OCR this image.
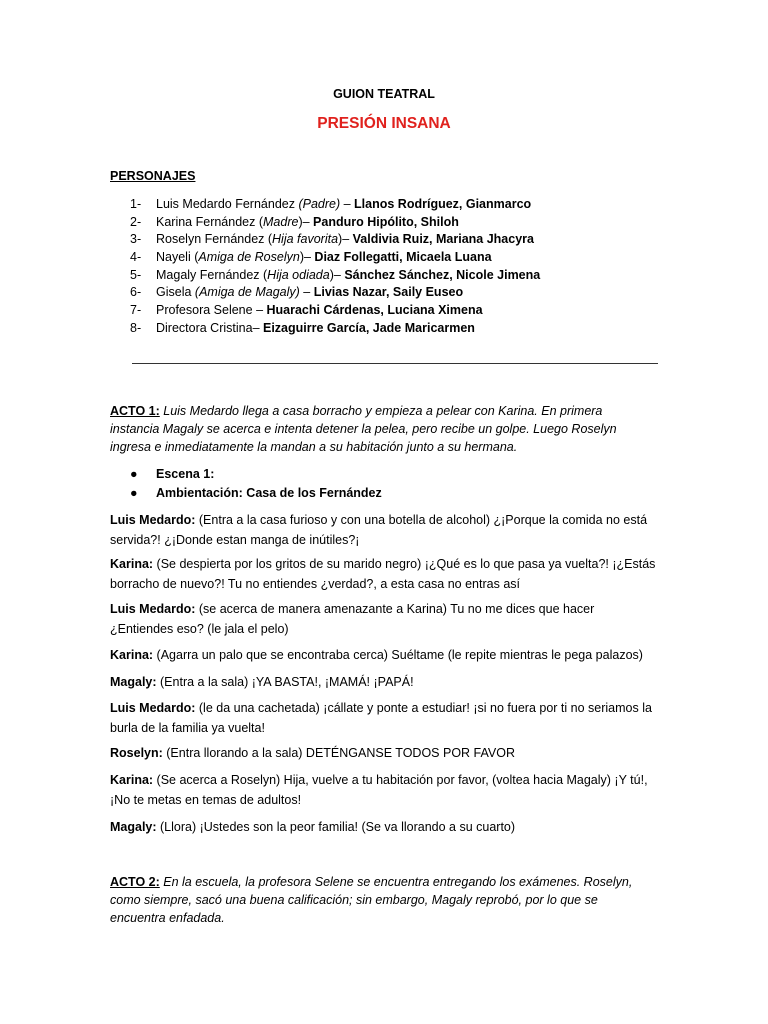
GUION TEATRAL
PRESIÓN INSANA
PERSONAJES
1- Luis Medardo Fernández (Padre) – Llanos Rodríguez, Gianmarco
2- Karina Fernández (Madre)– Panduro Hipólito, Shiloh
3- Roselyn Fernández (Hija favorita)– Valdivia Ruiz, Mariana Jhacyra
4- Nayeli (Amiga de Roselyn)– Diaz Follegatti, Micaela Luana
5- Magaly Fernández (Hija odiada)– Sánchez Sánchez, Nicole Jimena
6- Gisela (Amiga de Magaly) – Livias Nazar, Saily Euseo
7- Profesora Selene – Huarachi Cárdenas, Luciana Ximena
8- Directora Cristina– Eizaguirre García, Jade Maricarmen
ACTO 1: Luis Medardo llega a casa borracho y empieza a pelear con Karina. En primera instancia Magaly se acerca e intenta detener la pelea, pero recibe un golpe. Luego Roselyn ingresa e inmediatamente la mandan a su habitación junto a su hermana.
● Escena 1:
● Ambientación: Casa de los Fernández
Luis Medardo: (Entra a la casa furioso y con una botella de alcohol) ¿¡Porque la comida no está servida?! ¿¡Donde estan manga de inútiles?¡
Karina: (Se despierta por los gritos de su marido negro) ¡¿Qué es lo que pasa ya vuelta?! ¡¿Estás borracho de nuevo?! Tu no entiendes ¿verdad?, a esta casa no entras así
Luis Medardo: (se acerca de manera amenazante a Karina) Tu no me dices que hacer ¿Entiendes eso? (le jala el pelo)
Karina: (Agarra un palo que se encontraba cerca) Suéltame (le repite mientras le pega palazos)
Magaly: (Entra a la sala) ¡YA BASTA!, ¡MAMÁ! ¡PAPÁ!
Luis Medardo: (le da una cachetada) ¡cállate y ponte a estudiar! ¡si no fuera por ti no seriamos la burla de la familia ya vuelta!
Roselyn: (Entra llorando a la sala) DETÉNGANSE TODOS POR FAVOR
Karina: (Se acerca a Roselyn) Hija, vuelve a tu habitación por favor, (voltea hacia Magaly) ¡Y tú!, ¡No te metas en temas de adultos!
Magaly: (Llora) ¡Ustedes son la peor familia! (Se va llorando a su cuarto)
ACTO 2: En la escuela, la profesora Selene se encuentra entregando los exámenes. Roselyn, como siempre, sacó una buena calificación; sin embargo, Magaly reprobó, por lo que se encuentra enfadada.
